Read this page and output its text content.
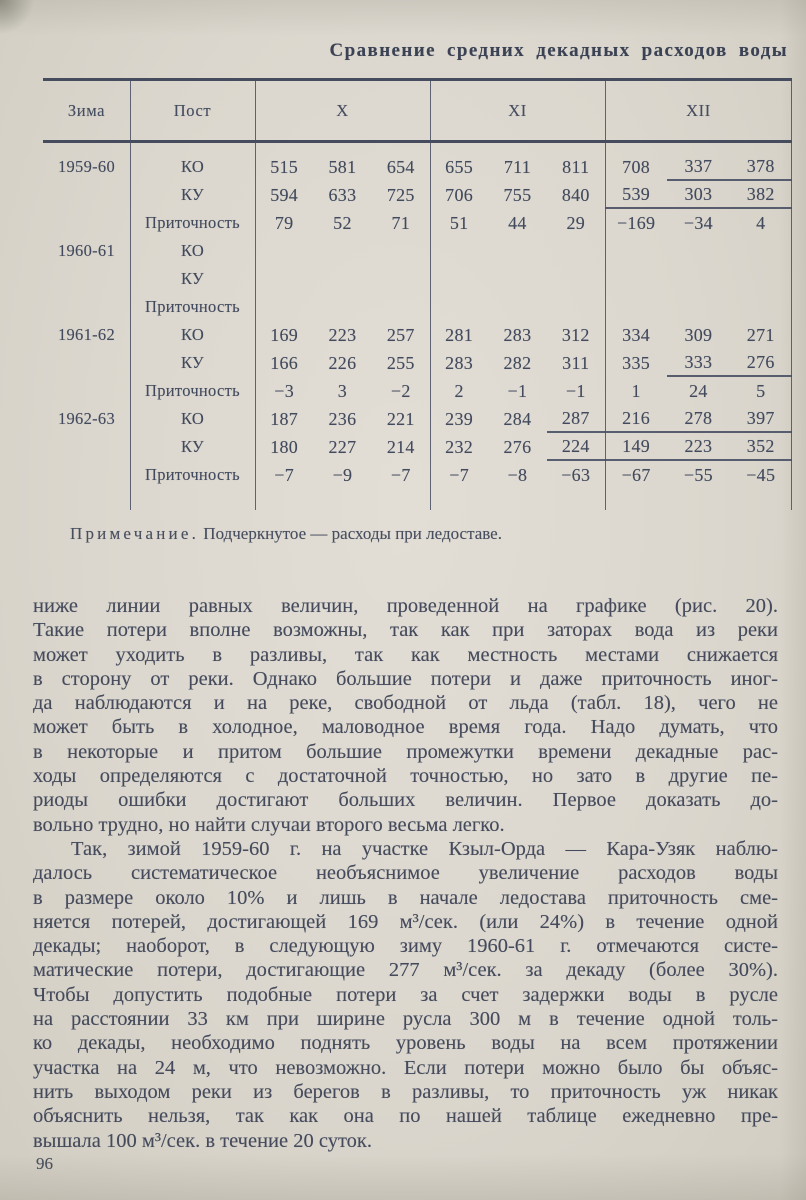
Сравнение средних декадных расходов воды
Зима	Пост	X	XI	XII
1959-60	КО	515	581	654	655	711	811	708	337	378
КУ	594	633	725	706	755	840	539	303	382
Приточность	79	52	71	51	44	29	−169	−34	4
1960-61	КО
КУ
Приточность
1961-62	КО	169	223	257	281	283	312	334	309	271
КУ	166	226	255	283	282	311	335	333	276
Приточность	−3	3	−2	2	−1	−1	1	24	5
1962-63	КО	187	236	221	239	284	287	216	278	397
КУ	180	227	214	232	276	224	149	223	352
Приточность	−7	−9	−7	−7	−8	−63	−67	−55	−45
Примечание. Подчеркнутое — расходы при ледоставе.
ниже линии равных величин, проведенной на графике (рис. 20).
Такие потери вполне возможны, так как при заторах вода из реки
может уходить в разливы, так как местность местами снижается
в сторону от реки. Однако большие потери и даже приточность иног-
да наблюдаются и на реке, свободной от льда (табл. 18), чего не
может быть в холодное, маловодное время года. Надо думать, что
в некоторые и притом большие промежутки времени декадные рас-
ходы определяются с достаточной точностью, но зато в другие пе-
риоды ошибки достигают больших величин. Первое доказать до-
вольно трудно, но найти случаи второго весьма легко.
Так, зимой 1959-60 г. на участке Кзыл-Орда — Кара-Узяк наблю-
далось систематическое необъяснимое увеличение расходов воды
в размере около 10% и лишь в начале ледостава приточность сме-
няется потерей, достигающей 169 м³/сек. (или 24%) в течение одной
декады; наоборот, в следующую зиму 1960-61 г. отмечаются систе-
матические потери, достигающие 277 м³/сек. за декаду (более 30%).
Чтобы допустить подобные потери за счет задержки воды в русле
на расстоянии 33 км при ширине русла 300 м в течение одной толь-
ко декады, необходимо поднять уровень воды на всем протяжении
участка на 24 м, что невозможно. Если потери можно было бы объяс-
нить выходом реки из берегов в разливы, то приточность уж никак
объяснить нельзя, так как она по нашей таблице ежедневно пре-
вышала 100 м³/сек. в течение 20 суток.
96
